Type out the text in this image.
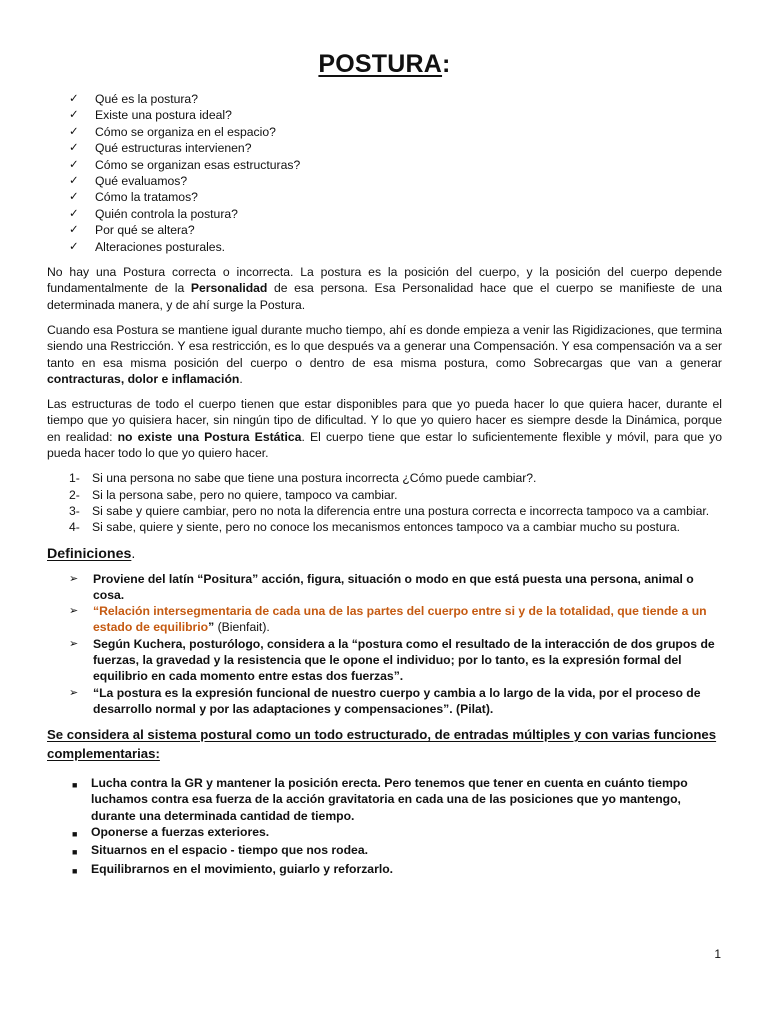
POSTURA:
✓	Qué es la postura?
✓	Existe una postura ideal?
✓	Cómo se organiza en el espacio?
✓	Qué estructuras intervienen?
✓	Cómo se organizan esas estructuras?
✓	Qué evaluamos?
✓	Cómo la tratamos?
✓	Quién controla la postura?
✓	Por qué se altera?
✓	Alteraciones posturales.

No hay una Postura correcta o incorrecta. La postura es la posición del cuerpo, y la posición del cuerpo depende fundamentalmente de la Personalidad de esa persona. Esa Personalidad hace que el cuerpo se manifieste de una determinada manera, y de ahí surge la Postura.

Cuando esa Postura se mantiene igual durante mucho tiempo, ahí es donde empieza a venir las Rigidizaciones, que termina siendo una Restricción. Y esa restricción, es lo que después va a generar una Compensación. Y esa compensación va a ser tanto en esa misma posición del cuerpo o dentro de esa misma postura, como Sobrecargas que van a generar contracturas, dolor e inflamación.

Las estructuras de todo el cuerpo tienen que estar disponibles para que yo pueda hacer lo que quiera hacer, durante el tiempo que yo quisiera hacer, sin ningún tipo de dificultad. Y lo que yo quiero hacer es siempre desde la Dinámica, porque en realidad: no existe una Postura Estática. El cuerpo tiene que estar lo suficientemente flexible y móvil, para que yo pueda hacer todo lo que yo quiero hacer.

1- Si una persona no sabe que tiene una postura incorrecta ¿Cómo puede cambiar?.
2- Si la persona sabe, pero no quiere, tampoco va cambiar.
3- Si sabe y quiere cambiar, pero no nota la diferencia entre una postura correcta e incorrecta tampoco va a cambiar.
4- Si sabe, quiere y siente, pero no conoce los mecanismos entonces tampoco va a cambiar mucho su postura.
Definiciones.
➢	Proviene del latín “Positura” acción, figura, situación o modo en que está puesta una persona, animal o cosa.
➢	“Relación intersegmentaria de cada una de las partes del cuerpo entre si y de la totalidad, que tiende a un estado de equilibrio” (Bienfait).
➢	Según Kuchera, posturólogo, considera a la “postura como el resultado de la interacción de dos grupos de fuerzas, la gravedad y la resistencia que le opone el individuo; por lo tanto, es la expresión formal del equilibrio en cada momento entre estas dos fuerzas”.
➢	“La postura es la expresión funcional de nuestro cuerpo y cambia a lo largo de la vida, por el proceso de desarrollo normal y por las adaptaciones y compensaciones”. (Pilat).
Se considera al sistema postural como un todo estructurado, de entradas múltiples y con varias funciones complementarias:
■	Lucha contra la GR y mantener la posición erecta. Pero tenemos que tener en cuenta en cuánto tiempo luchamos contra esa fuerza de la acción gravitatoria en cada una de las posiciones que yo mantengo, durante una determinada cantidad de tiempo.
■	Oponerse a fuerzas exteriores.
■	Situarnos en el espacio - tiempo que nos rodea.
■	Equilibrarnos en el movimiento, guiarlo y reforzarlo.
1
